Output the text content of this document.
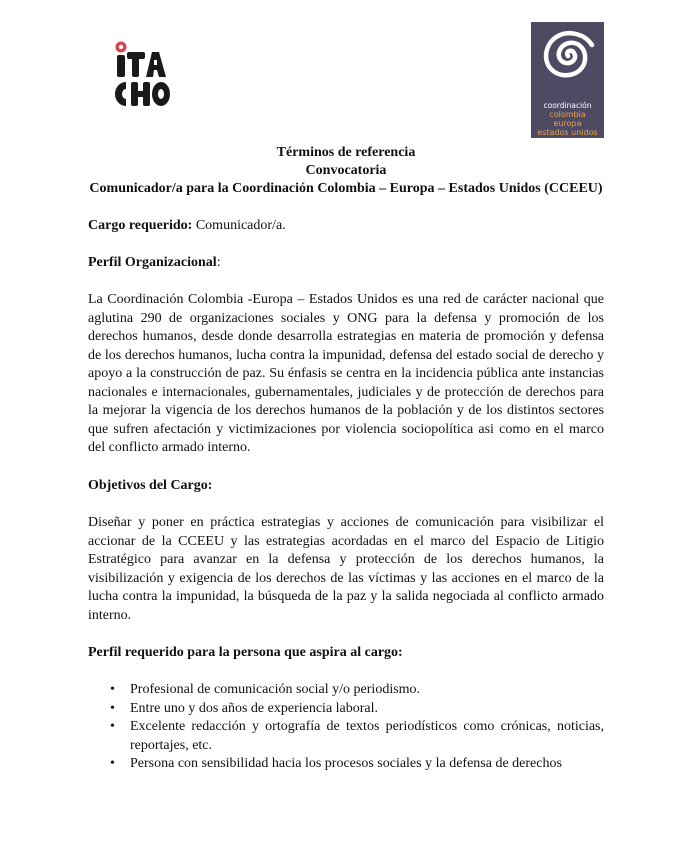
coordinación
colombia
europa
estados unidos
Términos de referencia
Convocatoria
Comunicador/a para la Coordinación Colombia – Europa – Estados Unidos (CCEEU)
Cargo requerido: Comunicador/a.
Perfil Organizacional:
La Coordinación Colombia -Europa – Estados Unidos es una red de carácter nacional que aglutina 290 de organizaciones sociales y ONG para la defensa y promoción de los derechos humanos, desde donde desarrolla estrategias en materia de promoción y defensa de los derechos humanos, lucha contra la impunidad, defensa del estado social de derecho y apoyo a la construcción de paz. Su énfasis se centra en la incidencia pública ante instancias nacionales e internacionales, gubernamentales, judiciales y de protección de derechos para la mejorar la vigencia de los derechos humanos de la población y de los distintos sectores que sufren afectación y victimizaciones por violencia sociopolítica asi como en el marco del conflicto armado interno.
Objetivos del Cargo:
Diseñar y poner en práctica estrategias y acciones de comunicación para visibilizar el accionar de la CCEEU y las estrategias acordadas en el marco del Espacio de Litigio Estratégico para avanzar en la defensa y protección de los derechos humanos, la visibilización y exigencia de los derechos de las víctimas y las acciones en el marco de la lucha contra la impunidad, la búsqueda de la paz y la salida negociada al conflicto armado interno.
Perfil requerido para la persona que aspira al cargo:
• Profesional de comunicación social y/o periodismo.
• Entre uno y dos años de experiencia laboral.
• Excelente redacción y ortografía de textos periodísticos como crónicas, noticias, reportajes, etc.
• Persona con sensibilidad hacia los procesos sociales y la defensa de derechos
